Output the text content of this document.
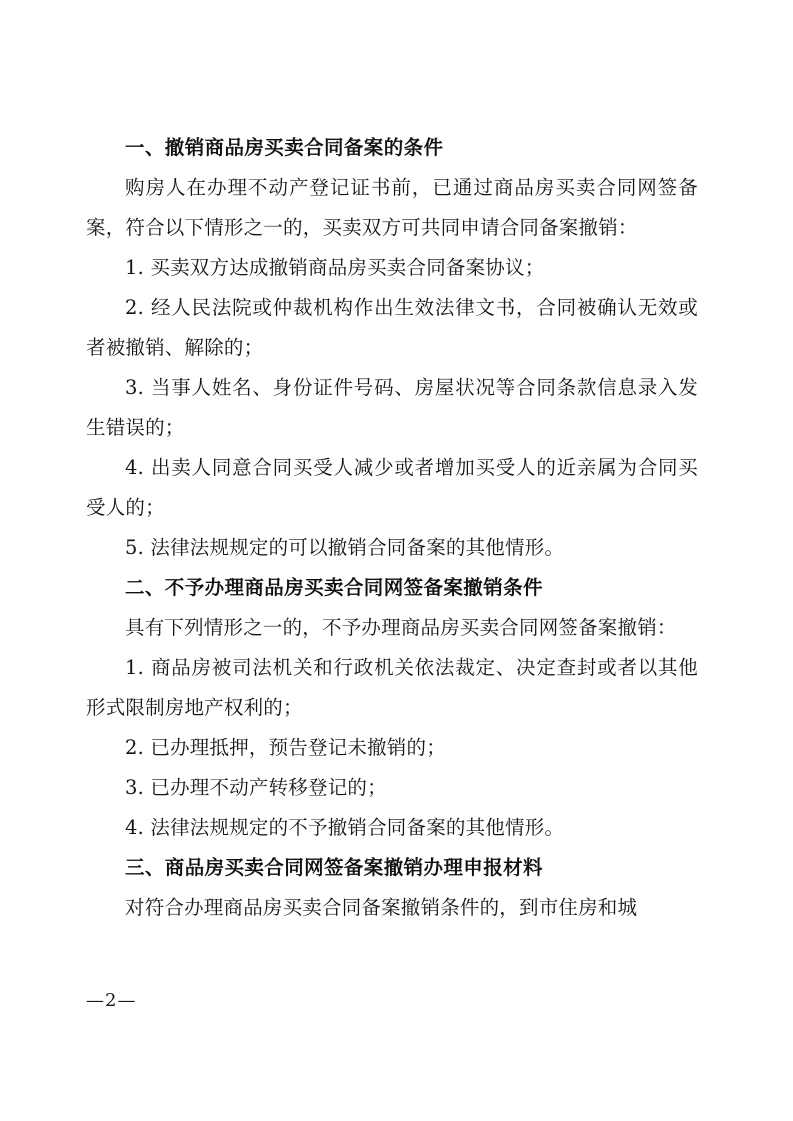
一、撤销商品房买卖合同备案的条件

购房人在办理不动产登记证书前，已通过商品房买卖合同网签备案，符合以下情形之一的，买卖双方可共同申请合同备案撤销：

1. 买卖双方达成撤销商品房买卖合同备案协议；

2. 经人民法院或仲裁机构作出生效法律文书，合同被确认无效或者被撤销、解除的；

3. 当事人姓名、身份证件号码、房屋状况等合同条款信息录入发生错误的；

4. 出卖人同意合同买受人减少或者增加买受人的近亲属为合同买受人的；

5. 法律法规规定的可以撤销合同备案的其他情形。

二、不予办理商品房买卖合同网签备案撤销条件

具有下列情形之一的，不予办理商品房买卖合同网签备案撤销：

1. 商品房被司法机关和行政机关依法裁定、决定查封或者以其他形式限制房地产权利的；

2. 已办理抵押，预告登记未撤销的；

3. 已办理不动产转移登记的；

4. 法律法规规定的不予撤销合同备案的其他情形。

三、商品房买卖合同网签备案撤销办理申报材料

对符合办理商品房买卖合同备案撤销条件的，到市住房和城

—2—
